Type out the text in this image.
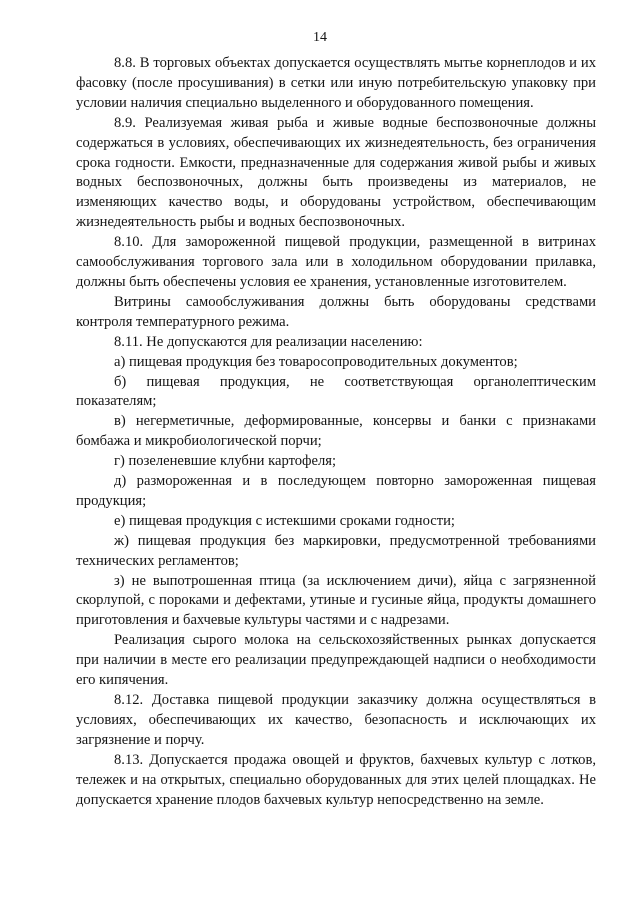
14

8.8. В торговых объектах допускается осуществлять мытье корнеплодов и их фасовку (после просушивания) в сетки или иную потребительскую упаковку при условии наличия специально выделенного и оборудованного помещения.

8.9. Реализуемая живая рыба и живые водные беспозвоночные должны содержаться в условиях, обеспечивающих их жизнедеятельность, без ограничения срока годности. Емкости, предназначенные для содержания живой рыбы и живых водных беспозвоночных, должны быть произведены из материалов, не изменяющих качество воды, и оборудованы устройством, обеспечивающим жизнедеятельность рыбы и водных беспозвоночных.

8.10. Для замороженной пищевой продукции, размещенной в витринах самообслуживания торгового зала или в холодильном оборудовании прилавка, должны быть обеспечены условия ее хранения, установленные изготовителем.

Витрины самообслуживания должны быть оборудованы средствами контроля температурного режима.

8.11. Не допускаются для реализации населению:

а) пищевая продукция без товаросопроводительных документов;

б) пищевая продукция, не соответствующая органолептическим показателям;

в) негерметичные, деформированные, консервы и банки с признаками бомбажа и микробиологической порчи;

г) позеленевшие клубни картофеля;

д) размороженная и в последующем повторно замороженная пищевая продукция;

е) пищевая продукция с истекшими сроками годности;

ж) пищевая продукция без маркировки, предусмотренной требованиями технических регламентов;

з) не выпотрошенная птица (за исключением дичи), яйца с загрязненной скорлупой, с пороками и дефектами, утиные и гусиные яйца, продукты домашнего приготовления и бахчевые культуры частями и с надрезами.

Реализация сырого молока на сельскохозяйственных рынках допускается при наличии в месте его реализации предупреждающей надписи о необходимости его кипячения.

8.12. Доставка пищевой продукции заказчику должна осуществляться в условиях, обеспечивающих их качество, безопасность и исключающих их загрязнение и порчу.

8.13. Допускается продажа овощей и фруктов, бахчевых культур с лотков, тележек и на открытых, специально оборудованных для этих целей площадках. Не допускается хранение плодов бахчевых культур непосредственно на земле.
